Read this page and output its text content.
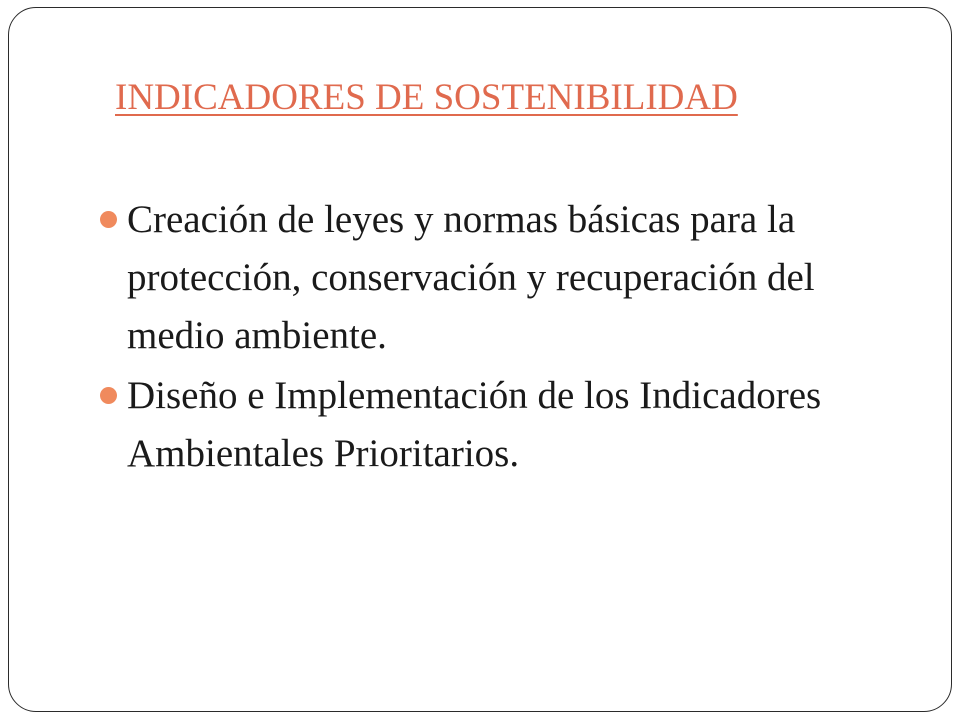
INDICADORES DE SOSTENIBILIDAD
Creación de leyes y normas básicas para la protección, conservación y recuperación del medio ambiente.
Diseño e Implementación de los Indicadores Ambientales Prioritarios.
